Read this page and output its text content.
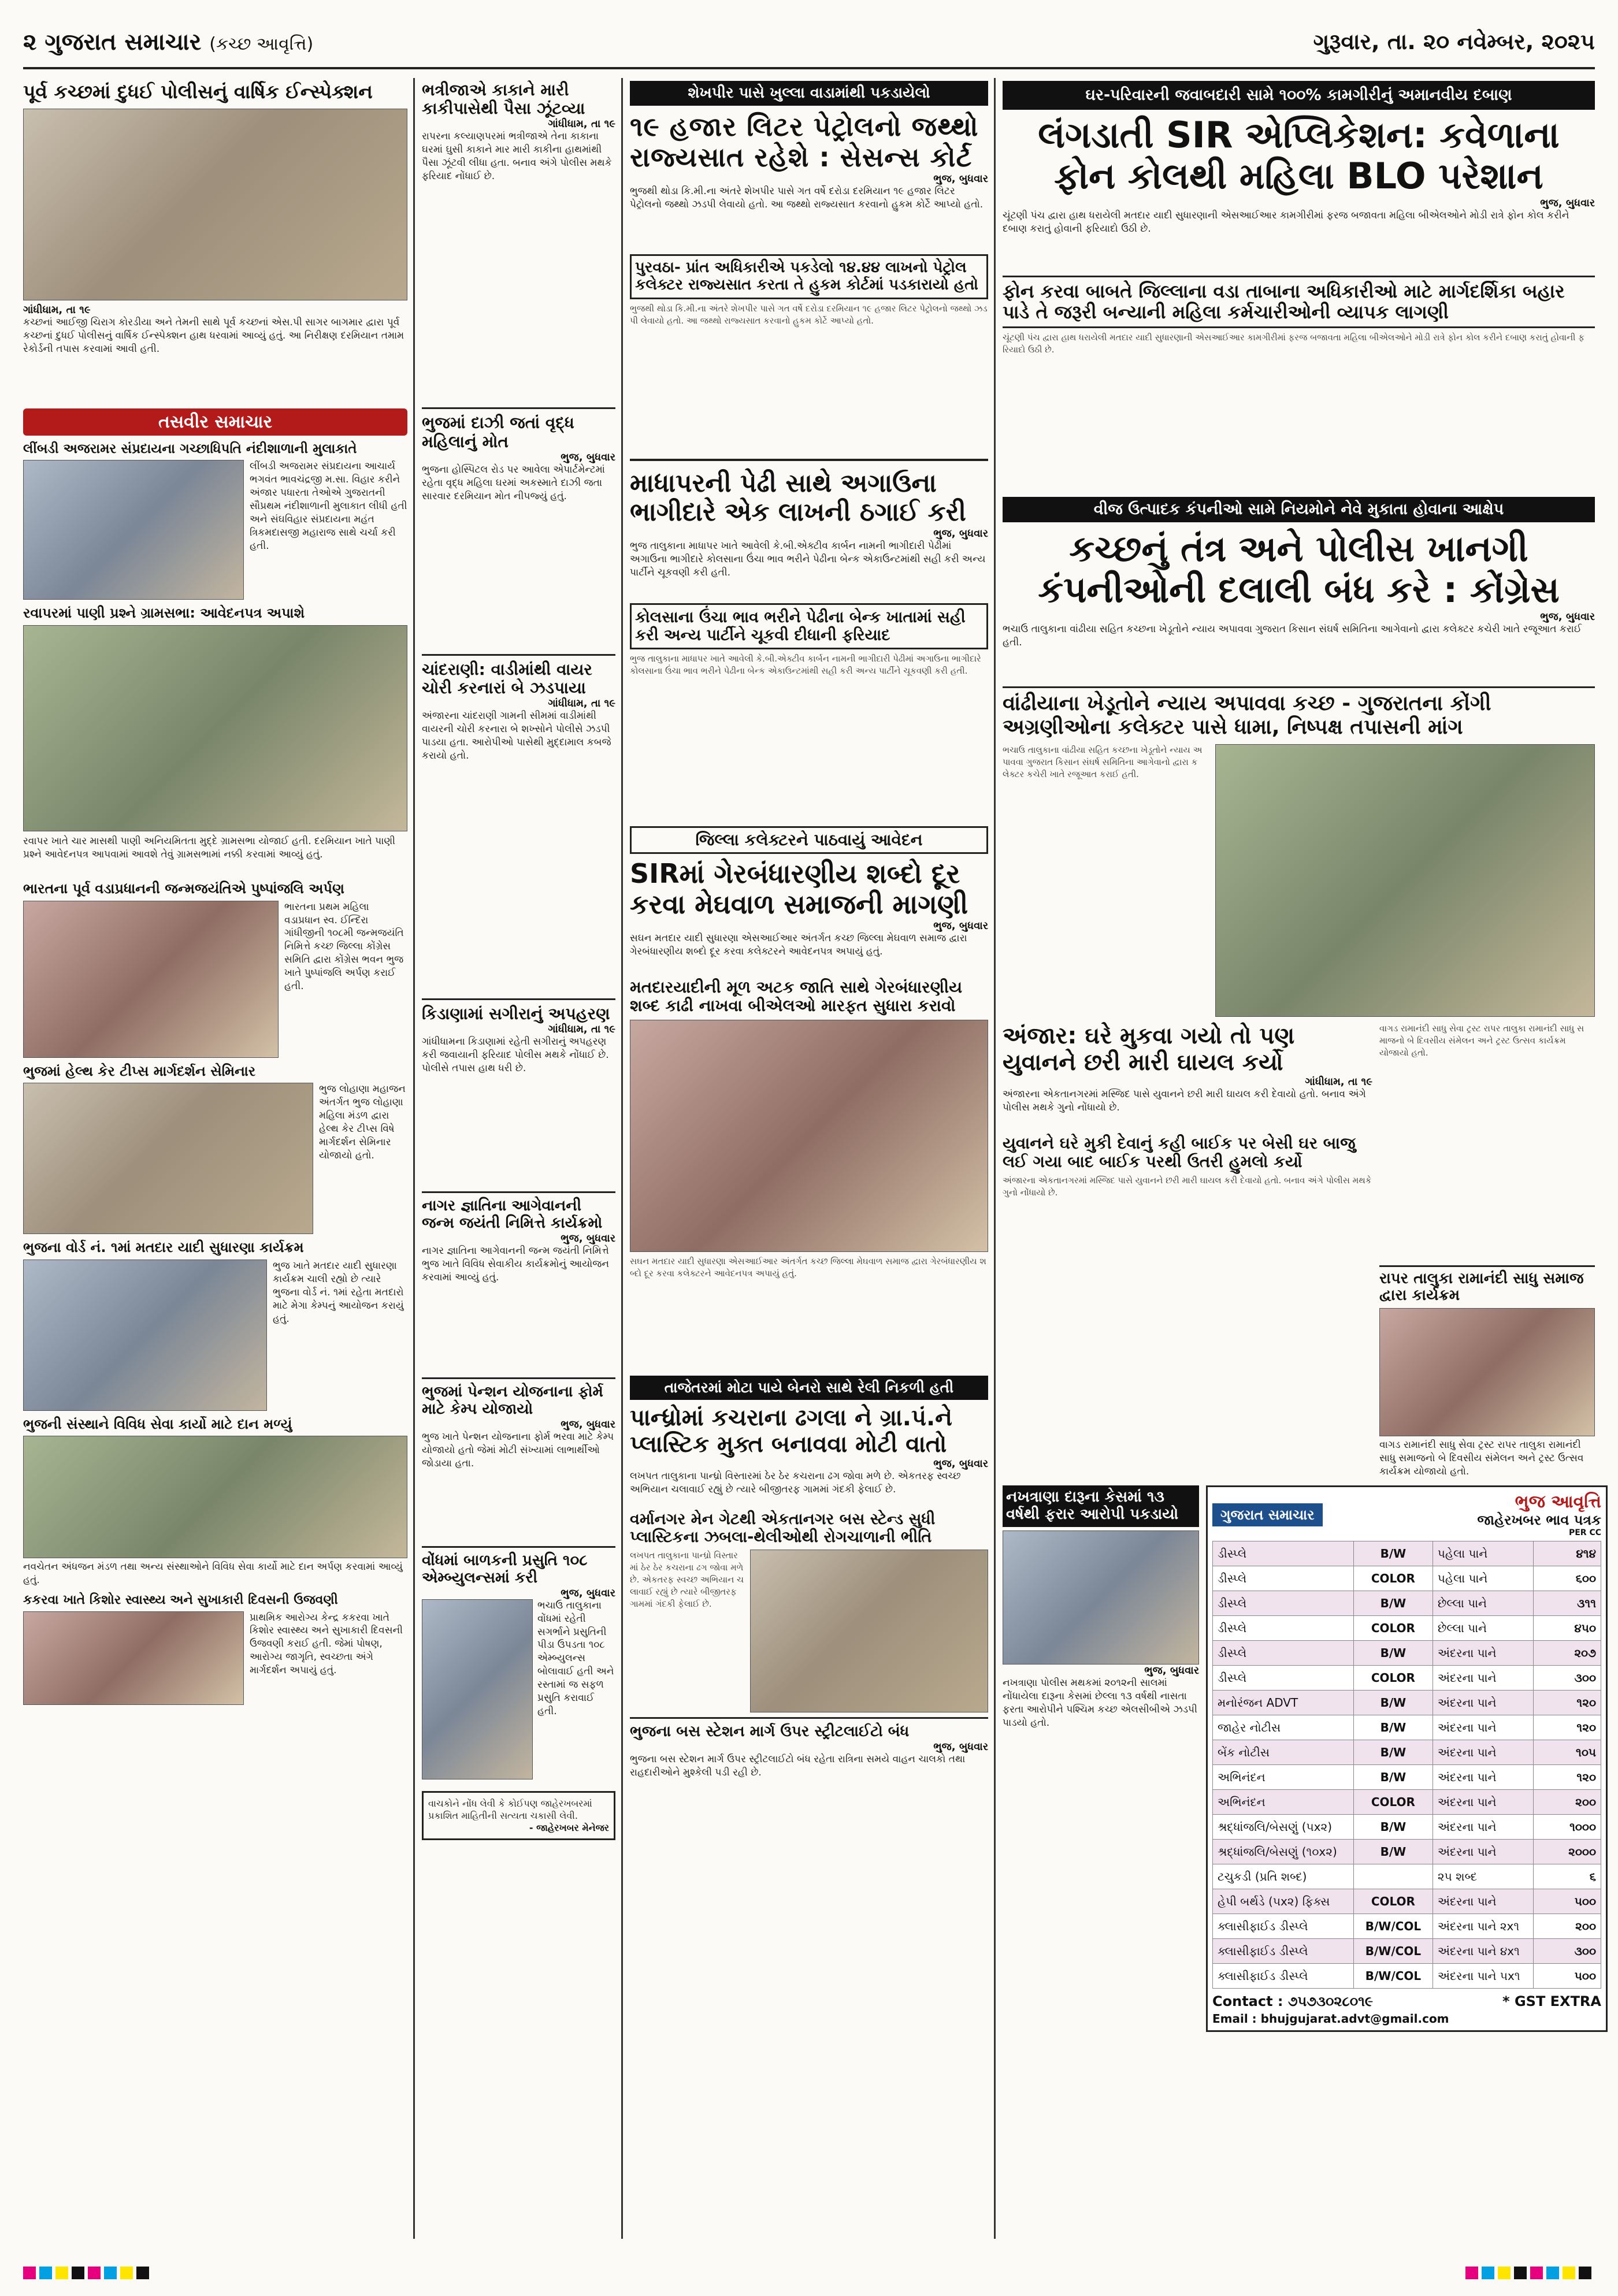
૨ ગુજરાત સમાચાર (કચ્છ આવૃત્તિ)	ગુરૂવાર, તા. ૨૦ નવેમ્બર, ૨૦૨૫
પૂર્વ કચ્છમાં દુધઈ પોલીસનું વાર્ષિક ઈન્સ્પેક્શન
ગાંધીધામ, તા ૧૯
કચ્છનાં આઈજી ચિરાગ કોરડીયા અને તેમની સાથે પૂર્વ કચ્છનાં એસ.પી સાગર બાગમાર દ્વારા પૂર્વ કચ્છનાં દુધઈ પોલીસનું વાર્ષિક ઈન્સ્પેક્શન હાથ ધરવામાં આવ્યું હતું. આ નિરીક્ષણ દરમિયાન તમામ રેકોર્ડની તપાસ કરવામાં આવી હતી.
તસવીર સમાચાર
લીંબડી અજરામર સંપ્રદાયના ગચ્છાધિપતિ નંદીશાળાની મુલાકાતે
લીંબડી અજરામર સંપ્રદાયના આચાર્ય ભગવંત ભાવચંદ્રજી મ.સા. વિહાર કરીને અંજાર પધારતા તેઓએ ગુજરાતની સૌપ્રથમ નંદીશાળાની મુલાકાત લીધી હતી અને સંઘવિહાર સંપ્રદાયના મહંત ત્રિકમદાસજી મહારાજ સાથે ચર્ચા કરી હતી.
રવાપરમાં પાણી પ્રશ્ને ગ્રામસભા: આવેદનપત્ર અપાશે
રવાપર ખાતે ચાર માસથી પાણી અનિયમિતતા મુદ્દે ગ્રામસભા યોજાઈ હતી. દરમિયાન ખાતે પાણી પ્રશ્ને આવેદનપત્ર આપવામાં આવશે તેવું ગ્રામસભામાં નક્કી કરવામાં આવ્યું હતું.
ભારતના પૂર્વ વડાપ્રધાનની જન્મજયંતિએ પુષ્પાંજલિ અર્પણ
ભારતના પ્રથમ મહિલા વડાપ્રધાન સ્વ. ઈન્દિરા ગાંધીજીની ૧૦૮મી જન્મજયંતિ નિમિત્તે કચ્છ જિલ્લા કોંગ્રેસ સમિતિ દ્વારા કોંગ્રેસ ભવન ભુજ ખાતે પુષ્પાંજલિ અર્પણ કરાઈ હતી.
ભુજમાં હેલ્થ કેર ટીપ્સ માર્ગદર્શન સેમિનાર
ભુજ લોહાણા મહાજન અંતર્ગત ભુજ લોહાણા મહિલા મંડળ દ્વારા હેલ્થ કેર ટીપ્સ વિષે માર્ગદર્શન સેમિનાર યોજાયો હતો.
ભુજના વોર્ડ નં. ૧માં મતદાર યાદી સુધારણા કાર્યક્રમ
ભુજ ખાતે મતદાર યાદી સુધારણા કાર્યક્રમ ચાલી રહ્યો છે ત્યારે ભુજના વોર્ડ નં. ૧માં રહેતા મતદારો માટે મેગા કેમ્પનું આયોજન કરાયું હતું.
ભુજની સંસ્થાને વિવિધ સેવા કાર્યો માટે દાન મળ્યું
નવચેતન અંધજન મંડળ તથા અન્ય સંસ્થાઓને વિવિધ સેવા કાર્યો માટે દાન અર્પણ કરવામાં આવ્યું હતું.
કકરવા ખાતે કિશોર સ્વાસ્થ્ય અને સુખાકારી દિવસની ઉજવણી
પ્રાથમિક આરોગ્ય કેન્દ્ર કકરવા ખાતે કિશોર સ્વાસ્થ્ય અને સુખાકારી દિવસની ઉજવણી કરાઈ હતી. જેમાં પોષણ, આરોગ્ય જાગૃતિ, સ્વચ્છતા અંગે માર્ગદર્શન અપાયું હતું.
ભત્રીજાએ કાકાને મારી કાકીપાસેથી પૈસા ઝૂંટવ્યા
ગાંધીધામ, તા ૧૯
રાપરના કલ્યાણપરમાં ભત્રીજાએ તેના કાકાના ઘરમાં ઘુસી કાકાને માર મારી કાકીના હાથમાંથી પૈસા ઝૂંટવી લીધા હતા. બનાવ અંગે પોલીસ મથકે ફરિયાદ નોંધાઈ છે.
ભુજમાં દાઝી જતાં વૃદ્ધ મહિલાનું મોત
ભુજ, બુધવાર
ભુજના હોસ્પિટલ રોડ પર આવેલા એપાર્ટમેન્ટમાં રહેતા વૃદ્ધ મહિલા ઘરમાં અકસ્માતે દાઝી જતા સારવાર દરમિયાન મોત નીપજ્યું હતું.
ચાંદરાણી: વાડીમાંથી વાયર ચોરી કરનારાં બે ઝડપાયા
ગાંધીધામ, તા ૧૯
અંજારના ચાંદરાણી ગામની સીમમાં વાડીમાંથી વાયરની ચોરી કરનારા બે શખ્સોને પોલીસે ઝડપી પાડયા હતા. આરોપીઓ પાસેથી મુદ્દામાલ કબજે કરાયો હતો.
કિડાણામાં સગીરાનું અપહરણ
ગાંધીધામ, તા ૧૯
ગાંધીધામના કિડાણામાં રહેતી સગીરાનું અપહરણ કરી જવાયાની ફરિયાદ પોલીસ મથકે નોંધાઈ છે. પોલીસે તપાસ હાથ ધરી છે.
નાગર જ્ઞાતિના આગેવાનની જન્મ જયંતી નિમિત્તે કાર્યક્રમો
ભુજ, બુધવાર
નાગર જ્ઞાતિના આગેવાનની જન્મ જયંતી નિમિત્તે ભુજ ખાતે વિવિધ સેવાકીય કાર્યક્રમોનું આયોજન કરવામાં આવ્યું હતું.
ભુજમાં પેન્શન યોજનાના ફોર્મ માટે કેમ્પ યોજાયો
ભુજ, બુધવાર
ભુજ ખાતે પેન્શન યોજનાના ફોર્મ ભરવા માટે કેમ્પ યોજાયો હતો જેમાં મોટી સંખ્યામાં લાભાર્થીઓ જોડાયા હતા.
વોંધમાં બાળકની પ્રસુતિ ૧૦૮ એમ્બ્યુલન્સમાં કરી
ભુજ, બુધવાર
ભચાઉ તાલુકાના વોંધમાં રહેતી સગર્ભાને પ્રસુતિની પીડા ઉપડતા ૧૦૮ એમ્બ્યુલન્સ બોલાવાઈ હતી અને રસ્તામાં જ સફળ પ્રસુતિ કરાવાઈ હતી.
વાચકોને નોંધ લેવી કે કોઈપણ જાહેરખબરમાં પ્રકાશિત માહિતીની સત્યતા ચકાસી લેવી.
- જાહેરખબર મેનેજર
શેખપીર પાસે ખુલ્લા વાડામાંથી પકડાયેલો
૧૯ હજાર લિટર પેટ્રોલનો જથ્થો રાજ્યસાત રહેશે : સેસન્સ કોર્ટ
ભુજ, બુધવાર
ભુજથી થોડા કિ.મી.ના અંતરે શેખપીર પાસે ગત વર્ષે દરોડા દરમિયાન ૧૯ હજાર લિટર પેટ્રોલનો જથ્થો ઝડપી લેવાયો હતો. આ જથ્થો રાજ્યસાત કરવાનો હુકમ કોર્ટે આપ્યો હતો.
પુરવઠા- પ્રાંત અધિકારીએ પકડેલો ૧૪.૪૪ લાખનો પેટ્રોલ કલેક્ટર રાજ્યસાત કરતા તે હુકમ કોર્ટમાં પડકારાયો હતો
ભુજથી થોડા કિ.મી.ના અંતરે શેખપીર પાસે ગત વર્ષે દરોડા દરમિયાન ૧૯ હજાર લિટર પેટ્રોલનો જથ્થો ઝડપી લેવાયો હતો. આ જથ્થો રાજ્યસાત કરવાનો હુકમ કોર્ટે આપ્યો હતો.
માધાપરની પેઢી સાથે અગાઉના ભાગીદારે એક લાખની ઠગાઈ કરી
ભુજ, બુધવાર
ભુજ તાલુકાના માધાપર ખાતે આવેલી કે.બી.એક્ટીવ કાર્બન નામની ભાગીદારી પેઢીમાં અગાઉના ભાગીદારે કોલસાના ઉંચા ભાવ ભરીને પેઢીના બેન્ક એકાઉન્ટમાંથી સહી કરી અન્ય પાર્ટીને ચૂકવણી કરી હતી.
કોલસાના ઉંચા ભાવ ભરીને પેઢીના બેન્ક ખાતામાં સહી કરી અન્ય પાર્ટીને ચૂકવી દીધાની ફરિયાદ
ભુજ તાલુકાના માધાપર ખાતે આવેલી કે.બી.એક્ટીવ કાર્બન નામની ભાગીદારી પેઢીમાં અગાઉના ભાગીદારે કોલસાના ઉંચા ભાવ ભરીને પેઢીના બેન્ક એકાઉન્ટમાંથી સહી કરી અન્ય પાર્ટીને ચૂકવણી કરી હતી.
જિલ્લા કલેક્ટરને પાઠવાયું આવેદન
SIRમાં ગેરબંધારણીય શબ્દો દૂર કરવા મેઘવાળ સમાજની માગણી
ભુજ, બુધવાર
સઘન મતદાર યાદી સુધારણા એસઆઈઆર અંતર્ગત કચ્છ જિલ્લા મેઘવાળ સમાજ દ્વારા ગેરબંધારણીય શબ્દો દૂર કરવા કલેક્ટરને આવેદનપત્ર અપાયું હતું.
મતદારયાદીની મૂળ અટક જાતિ સાથે ગેરબંધારણીય શબ્દ કાઢી નાખવા બીએલઓ મારફત સુધારા કરાવો
સઘન મતદાર યાદી સુધારણા એસઆઈઆર અંતર્ગત કચ્છ જિલ્લા મેઘવાળ સમાજ દ્વારા ગેરબંધારણીય શબ્દો દૂર કરવા કલેક્ટરને આવેદનપત્ર અપાયું હતું.
તાજેતરમાં મોટા પાયે બેનરો સાથે રેલી નિકળી હતી
પાન્ધ્રોમાં કચરાના ઢગલા ને ગ્રા.પં.ને પ્લાસ્ટિક મુક્ત બનાવવા મોટી વાતો
ભુજ, બુધવાર
લખપત તાલુકાના પાન્ધ્રો વિસ્તારમાં ઠેર ઠેર કચરાના ઢગ જોવા મળે છે. એકતરફ સ્વચ્છ અભિયાન ચલાવાઈ રહ્યું છે ત્યારે બીજીતરફ ગામમાં ગંદકી ફેલાઈ છે.
વર્માનગર મેન ગેટથી એકતાનગર બસ સ્ટેન્ડ સુધી પ્લાસ્ટિકના ઝબલા-થેલીઓથી રોગચાળાની ભીતિ
લખપત તાલુકાના પાન્ધ્રો વિસ્તારમાં ઠેર ઠેર કચરાના ઢગ જોવા મળે છે. એકતરફ સ્વચ્છ અભિયાન ચલાવાઈ રહ્યું છે ત્યારે બીજીતરફ ગામમાં ગંદકી ફેલાઈ છે.
ભુજના બસ સ્ટેશન માર્ગ ઉપર સ્ટ્રીટલાઈટો બંધ
ભુજ, બુધવાર
ભુજના બસ સ્ટેશન માર્ગ ઉપર સ્ટ્રીટલાઈટો બંધ રહેતા રાત્રિના સમયે વાહન ચાલકો તથા રાહદારીઓને મુશ્કેલી પડી રહી છે.
ઘર-પરિવારની જવાબદારી સામે ૧૦૦% કામગીરીનું અમાનવીય દબાણ
લંગડાતી SIR એપ્લિકેશન: કવેળાના ફોન કોલથી મહિલા BLO પરેશાન
ભુજ, બુધવાર
ચૂંટણી પંચ દ્વારા હાથ ધરાયેલી મતદાર યાદી સુધારણાની એસઆઈઆર કામગીરીમાં ફરજ બજાવતા મહિલા બીએલઓને મોડી રાત્રે ફોન કોલ કરીને દબાણ કરાતું હોવાની ફરિયાદો ઉઠી છે.
ફોન કરવા બાબતે જિલ્લાના વડા તાબાના અધિકારીઓ માટે માર્ગદર્શિકા બહાર પાડે તે જરૂરી બન્યાની મહિલા કર્મચારીઓની વ્યાપક લાગણી
ચૂંટણી પંચ દ્વારા હાથ ધરાયેલી મતદાર યાદી સુધારણાની એસઆઈઆર કામગીરીમાં ફરજ બજાવતા મહિલા બીએલઓને મોડી રાત્રે ફોન કોલ કરીને દબાણ કરાતું હોવાની ફરિયાદો ઉઠી છે.
વીજ ઉત્પાદક કંપનીઓ સામે નિયમોને નેવે મુકાતા હોવાના આક્ષેપ
કચ્છનું તંત્ર અને પોલીસ ખાનગી કંપનીઓની દલાલી બંધ કરે : કોંગ્રેસ
ભુજ, બુધવાર
ભચાઉ તાલુકાના વાંઢીયા સહિત કચ્છના ખેડૂતોને ન્યાય અપાવવા ગુજરાત કિસાન સંઘર્ષ સમિતિના આગેવાનો દ્વારા કલેક્ટર કચેરી ખાતે રજૂઆત કરાઈ હતી.
વાંઢીયાના ખેડૂતોને ન્યાય અપાવવા કચ્છ - ગુજરાતના કોંગી અગ્રણીઓના કલેક્ટર પાસે ધામા, નિષ્પક્ષ તપાસની માંગ
ભચાઉ તાલુકાના વાંઢીયા સહિત કચ્છના ખેડૂતોને ન્યાય અપાવવા ગુજરાત કિસાન સંઘર્ષ સમિતિના આગેવાનો દ્વારા કલેક્ટર કચેરી ખાતે રજૂઆત કરાઈ હતી.
અંજાર: ઘરે મુકવા ગયો તો પણ યુવાનને છરી મારી ઘાયલ કર્યો
ગાંધીધામ, તા ૧૯
અંજારના એકતાનગરમાં મસ્જિદ પાસે યુવાનને છરી મારી ઘાયલ કરી દેવાયો હતો. બનાવ અંગે પોલીસ મથકે ગુનો નોંધાયો છે.
યુવાનને ઘરે મુકી દેવાનું કહી બાઈક પર બેસી ઘર બાજુ લઈ ગયા બાદ બાઈક પરથી ઉતરી હુમલો કર્યો
અંજારના એકતાનગરમાં મસ્જિદ પાસે યુવાનને છરી મારી ઘાયલ કરી દેવાયો હતો. બનાવ અંગે પોલીસ મથકે ગુનો નોંધાયો છે.
વાગડ રામાનંદી સાધુ સેવા ટ્રસ્ટ રાપર તાલુકા રામાનંદી સાધુ સમાજનો બે દિવસીય સંમેલન અને ટ્રસ્ટ ઉત્સવ કાર્યક્રમ યોજાયો હતો.
રાપર તાલુકા રામાનંદી સાધુ સમાજ દ્વારા કાર્યક્રમ
વાગડ રામાનંદી સાધુ સેવા ટ્રસ્ટ રાપર તાલુકા રામાનંદી સાધુ સમાજનો બે દિવસીય સંમેલન અને ટ્રસ્ટ ઉત્સવ કાર્યક્રમ યોજાયો હતો.
નખત્રાણા દારૂના કેસમાં ૧૩ વર્ષથી ફરાર આરોપી પકડાયો
ભુજ, બુધવાર
નખત્રાણા પોલીસ મથકમાં ૨૦૧૨ની સાલમાં નોંધાયેલા દારૂના કેસમાં છેલ્લા ૧૩ વર્ષથી નાસતા ફરતા આરોપીને પશ્ચિમ કચ્છ એલસીબીએ ઝડપી પાડયો હતો.
ગુજરાત સમાચાર
ભુજ આવૃત્તિ
જાહેરખબર ભાવ પત્રક
PER CC
ડીસ્પ્લે	B/W	પહેલા પાને	૪૧૪
ડીસ્પ્લે	COLOR	પહેલા પાને	૬૦૦
ડીસ્પ્લે	B/W	છેલ્લા પાને	૩૧૧
ડીસ્પ્લે	COLOR	છેલ્લા પાને	૪૫૦
ડીસ્પ્લે	B/W	અંદરના પાને	૨૦૭
ડીસ્પ્લે	COLOR	અંદરના પાને	૩૦૦
મનોરંજન ADVT	B/W	અંદરના પાને	૧૨૦
જાહેર નોટીસ	B/W	અંદરના પાને	૧૨૦
બેંક નોટીસ	B/W	અંદરના પાને	૧૦૫
અભિનંદન	B/W	અંદરના પાને	૧૨૦
અભિનંદન	COLOR	અંદરના પાને	૨૦૦
શ્રદ્ધાંજલિ/બેસણું (૫x૨)	B/W	અંદરના પાને	૧૦૦૦
શ્રદ્ધાંજલિ/બેસણું (૧૦x૨)	B/W	અંદરના પાને	૨૦૦૦
ટચુકડી (પ્રતિ શબ્દ)		૨૫ શબ્દ	૬
હેપી બર્થડે (૫x૨) ફિક્સ	COLOR	અંદરના પાને	૫૦૦
ક્લાસીફાઈડ ડીસ્પ્લે	B/W/COL	અંદરના પાને ૨x૧	૨૦૦
ક્લાસીફાઈડ ડીસ્પ્લે	B/W/COL	અંદરના પાને ૪x૧	૩૦૦
ક્લાસીફાઈડ ડીસ્પ્લે	B/W/COL	અંદરના પાને ૫x૧	૫૦૦
Contact : ૭૫૭૩૦૨૮૦૧૯	* GST EXTRA
Email : bhujgujarat.advt@gmail.com
